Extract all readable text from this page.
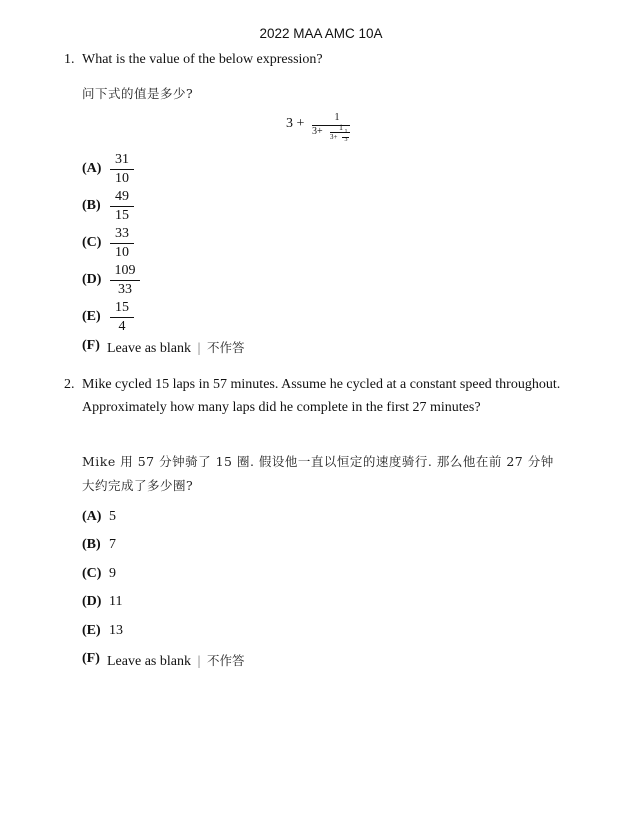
2022 MAA AMC 10A
1. What is the value of the below expression?
问下式的值是多少?
3 +	1
3+	1
3+
1
3
(A)
31
10
(B)
49
15
(C)
33
10
(D)
109
33
(E)
15
4
(F) Leave as blank | 不作答
2. Mike cycled 15 laps in 57 minutes. Assume he cycled at a constant speed throughout. Approximately how many laps did he complete in the first 27 minutes?
Mike 用 57 分钟骑了 15 圈. 假设他一直以恒定的速度骑行. 那么他在前 27 分钟大约完成了多少圈?
(A) 5
(B) 7
(C) 9
(D) 11
(E) 13
(F) Leave as blank | 不作答
